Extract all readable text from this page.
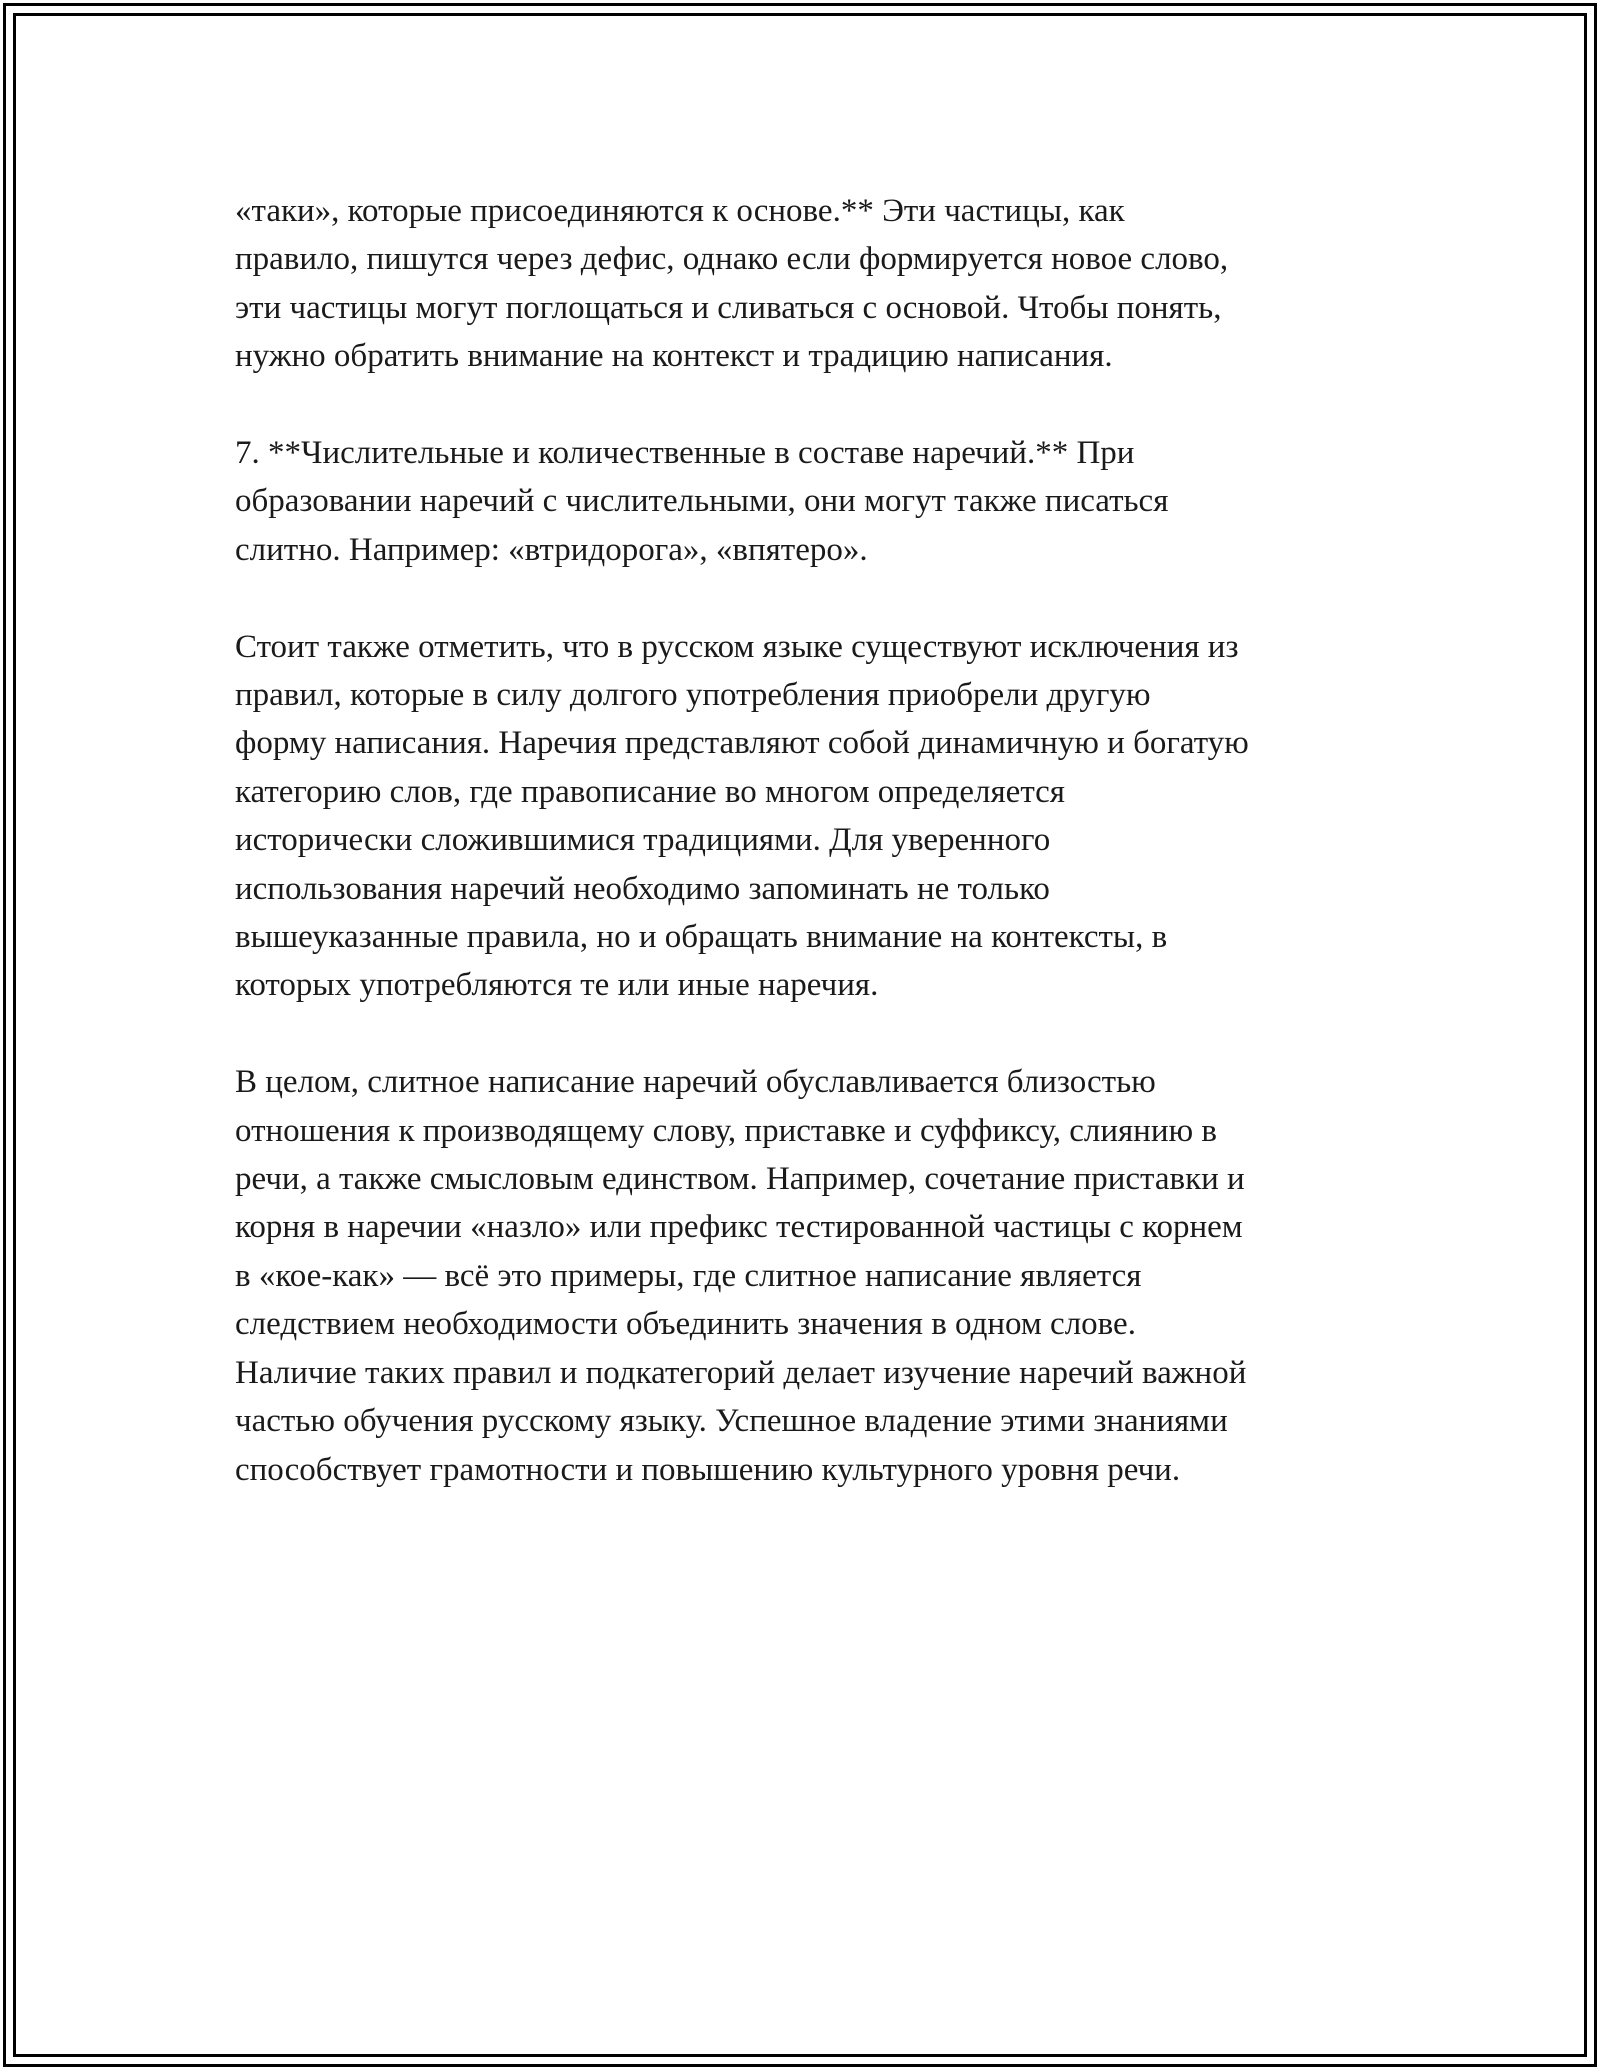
«таки», которые присоединяются к основе.** Эти частицы, как
правило, пишутся через дефис, однако если формируется новое слово,
эти частицы могут поглощаться и сливаться с основой. Чтобы понять,
нужно обратить внимание на контекст и традицию написания.

7. **Числительные и количественные в составе наречий.** При
образовании наречий с числительными, они могут также писаться
слитно. Например: «втридорога», «впятеро».

Стоит также отметить, что в русском языке существуют исключения из
правил, которые в силу долгого употребления приобрели другую
форму написания. Наречия представляют собой динамичную и богатую
категорию слов, где правописание во многом определяется
исторически сложившимися традициями. Для уверенного
использования наречий необходимо запоминать не только
вышеуказанные правила, но и обращать внимание на контексты, в
которых употребляются те или иные наречия.

В целом, слитное написание наречий обуславливается близостью
отношения к производящему слову, приставке и суффиксу, слиянию в
речи, а также смысловым единством. Например, сочетание приставки и
корня в наречии «назло» или префикс тестированной частицы с корнем
в «кое-как» — всё это примеры, где слитное написание является
следствием необходимости объединить значения в одном слове.
Наличие таких правил и подкатегорий делает изучение наречий важной
частью обучения русскому языку. Успешное владение этими знаниями
способствует грамотности и повышению культурного уровня речи.
